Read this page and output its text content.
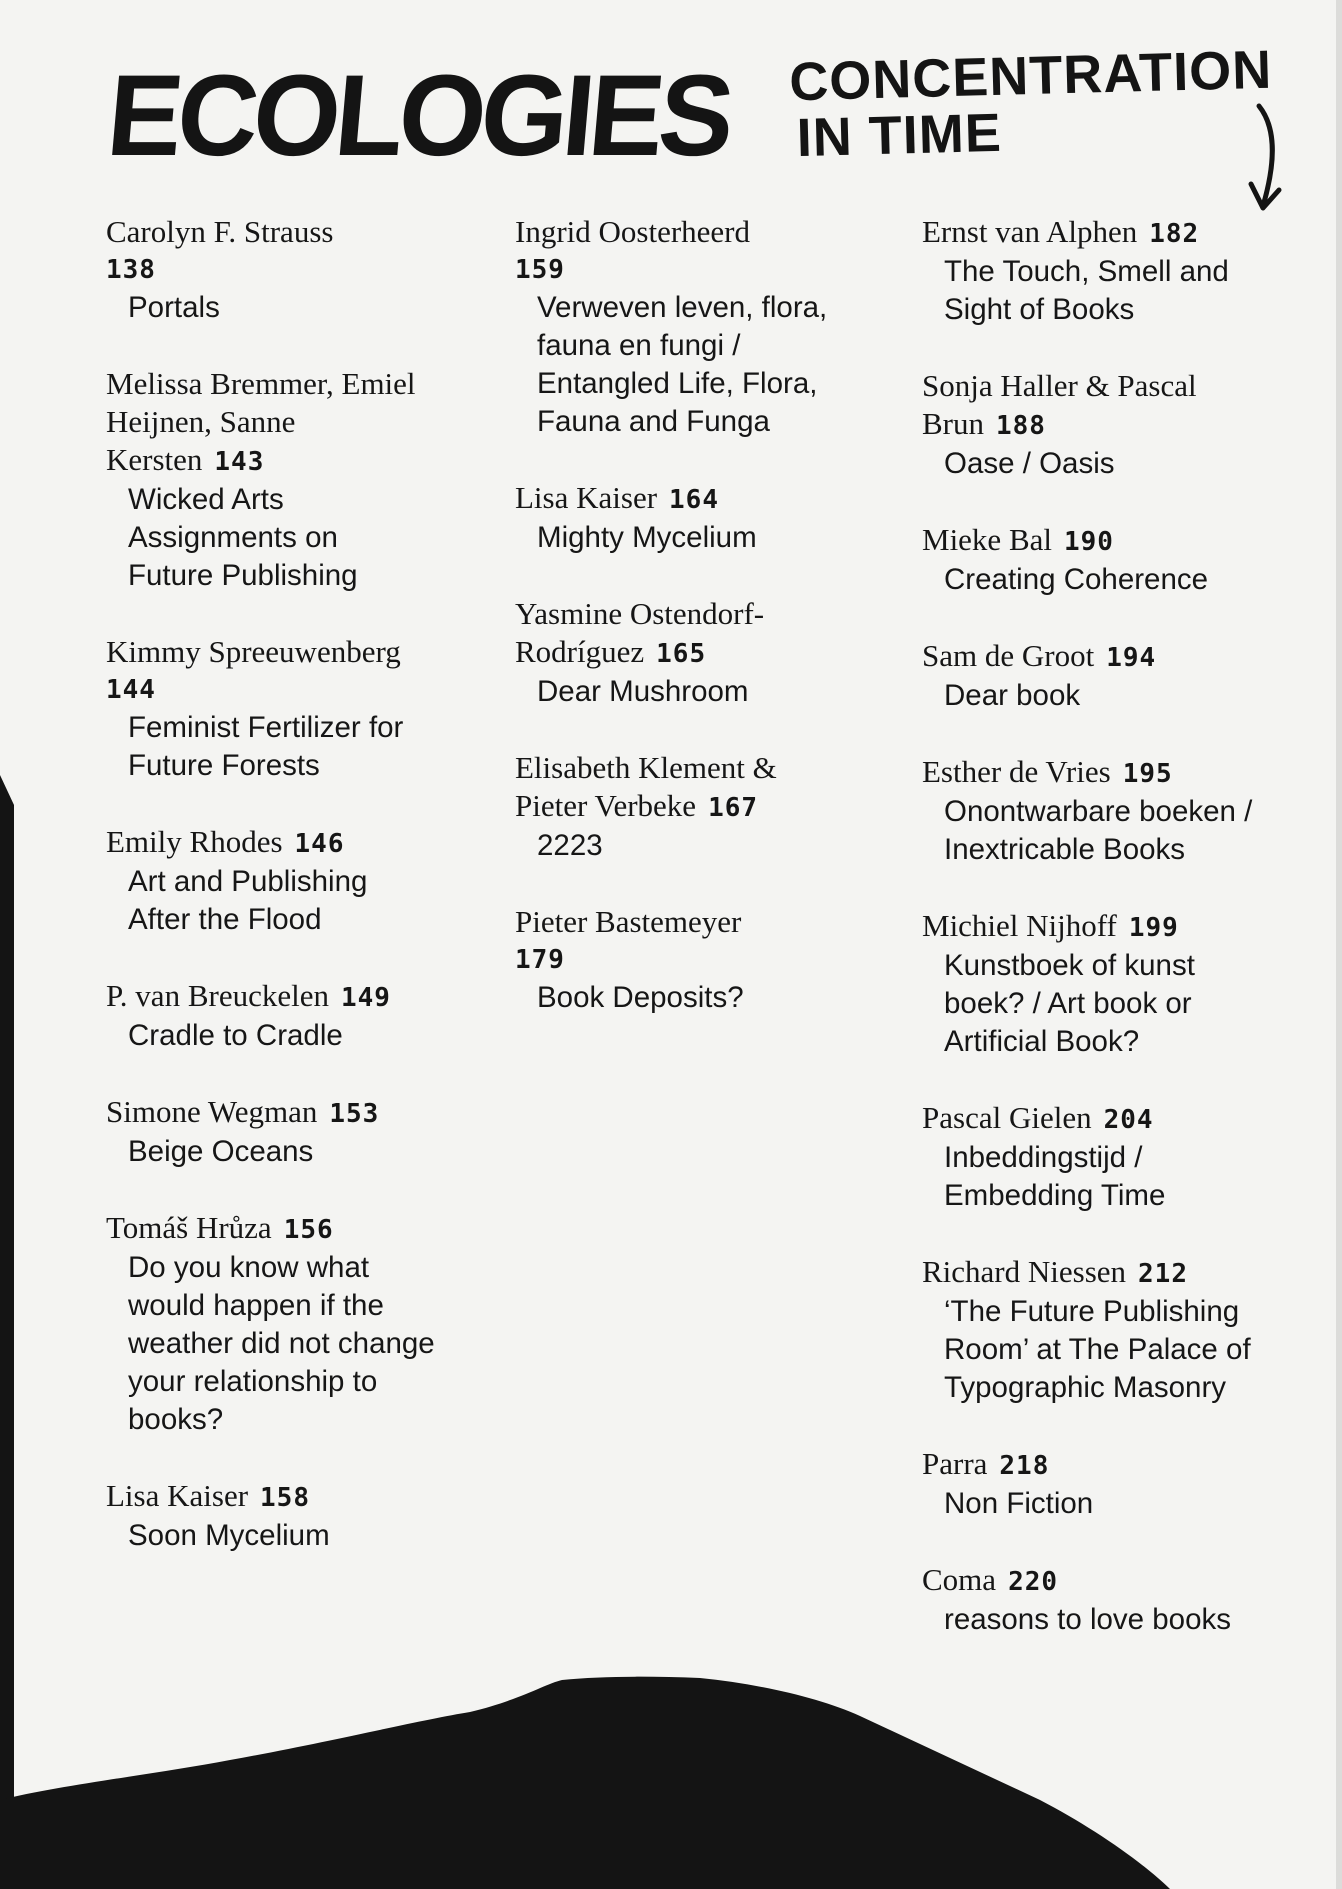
ECOLOGIES CONCENTRATION
IN TIME
Carolyn F. Strauss
138
Portals
Melissa Bremmer, Emiel Heijnen, Sanne Kersten 143
Wicked Arts Assignments on Future Publishing
Kimmy Spreeuwenberg
144
Feminist Fertilizer for Future Forests
Emily Rhodes 146
Art and Publishing After the Flood
P. van Breuckelen 149
Cradle to Cradle
Simone Wegman 153
Beige Oceans
Tomáš Hrůza 156
Do you know what would happen if the weather did not change your relationship to books?
Lisa Kaiser 158
Soon Mycelium
Ingrid Oosterheerd
159
Verweven leven, flora, fauna en fungi / Entangled Life, Flora, Fauna and Funga
Lisa Kaiser 164
Mighty Mycelium
Yasmine Ostendorf-Rodríguez 165
Dear Mushroom
Elisabeth Klement & Pieter Verbeke 167
2223
Pieter Bastemeyer
179
Book Deposits?
Ernst van Alphen 182
The Touch, Smell and Sight of Books
Sonja Haller & Pascal Brun 188
Oase / Oasis
Mieke Bal 190
Creating Coherence
Sam de Groot 194
Dear book
Esther de Vries 195
Onontwarbare boeken / Inextricable Books
Michiel Nijhoff 199
Kunstboek of kunst boek? / Art book or Artificial Book?
Pascal Gielen 204
Inbeddingstijd / Embedding Time
Richard Niessen 212
‘The Future Publishing Room’ at The Palace of Typographic Masonry
Parra 218
Non Fiction
Coma 220
reasons to love books
